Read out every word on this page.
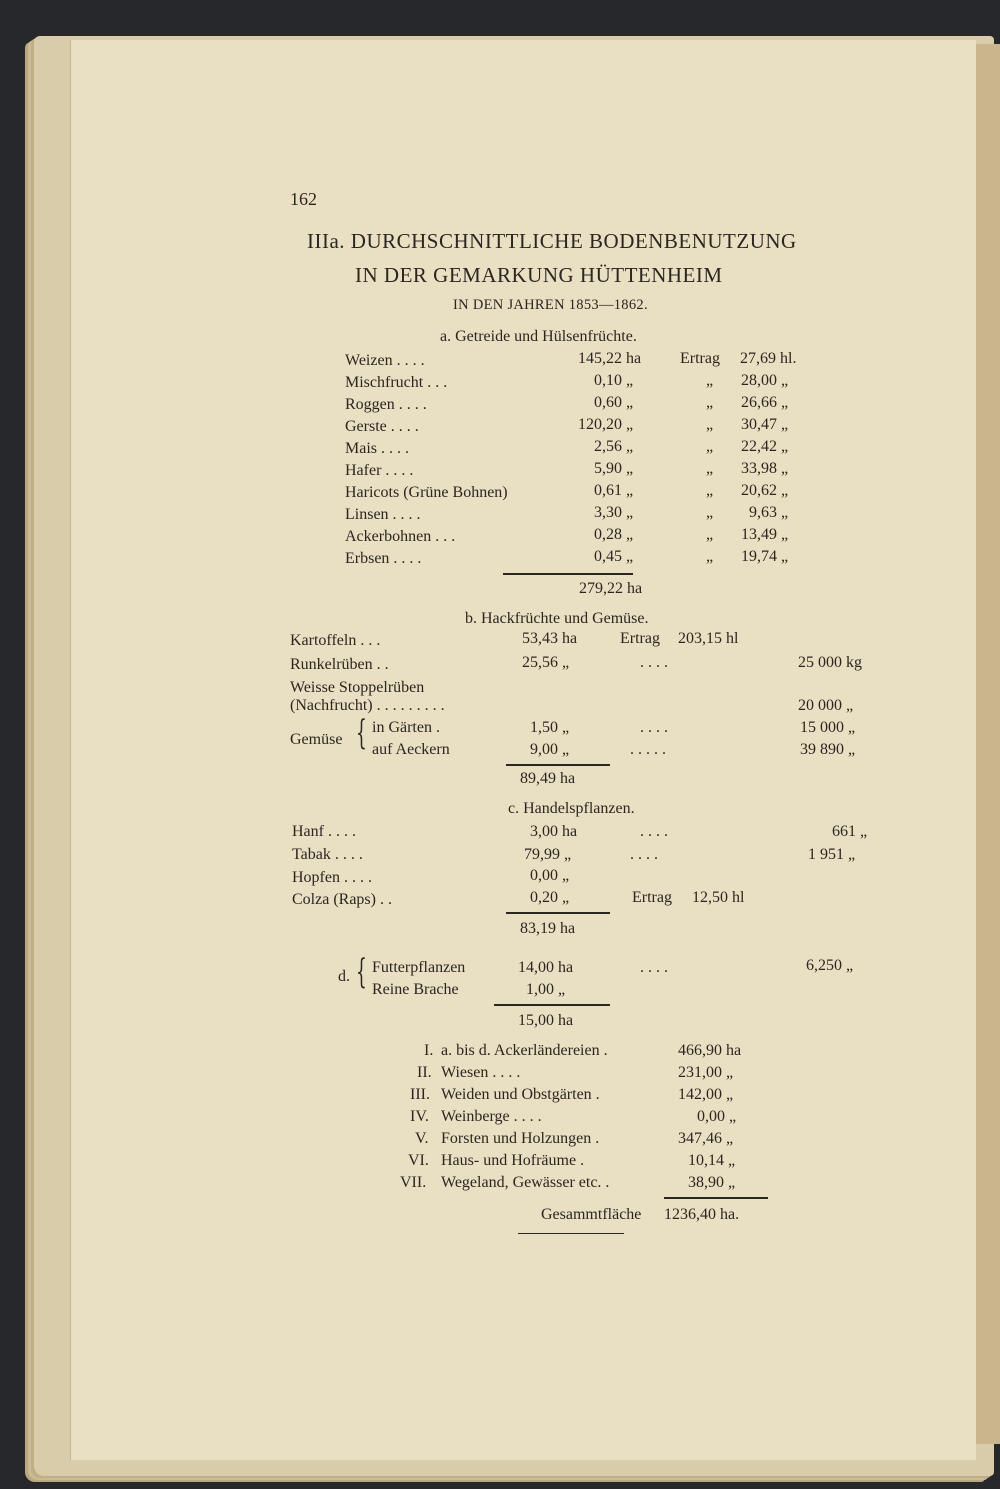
162
IIIa. DURCHSCHNITTLICHE BODENBENUTZUNG
IN DER GEMARKUNG HÜTTENHEIM
IN DEN JAHREN 1853—1862.
a. Getreide und Hülsenfrüchte.
Weizen . . . .	145,22 ha Ertrag 27,69 hl.
Mischfrucht . . .	0,10 „	„ 28,00 „
Roggen . . . .	0,60 „	„ 26,66 „
Gerste . . . .	120,20 „	„ 30,47 „
Mais . . . .	2,56 „	„ 22,42 „
Hafer . . . .	5,90 „	„ 33,98 „
Haricots (Grüne Bohnen)	0,61 „	„ 20,62 „
Linsen . . . .	3,30 „	„ 9,63 „
Ackerbohnen . . .	0,28 „	„ 13,49 „
Erbsen . . . .	0,45 „	„ 19,74 „
279,22 ha
b. Hackfrüchte und Gemüse.
Kartoffeln . . .	53,43 ha	Ertrag 203,15 hl
Runkelrüben . .	25,56 „	. . . .	25 000 kg
Weisse Stoppelrüben
(Nachfrucht) . . . . . . . . .	20 000 „
Gemüse { in Gärten .	1,50 „	. . . .	15 000 „
auf Aeckern	9,00 „	. . . . .	39 890 „
89,49 ha
c. Handelspflanzen.
Hanf . . . .	3,00 ha	. . . .	661 „
Tabak . . . .	79,99 „	. . . .	1 951 „
Hopfen . . . .	0,00 „
Colza (Raps) . .	0,20 „	Ertrag 12,50 hl
83,19 ha
d. { Futterpflanzen	14,00 ha	. . . .	6,250 „
Reine Brache	1,00 „
15,00 ha
I. a. bis d. Ackerländereien .	466,90 ha
II. Wiesen . . . .	231,00 „
III. Weiden und Obstgärten .	142,00 „
IV. Weinberge . . . .	0,00 „
V. Forsten und Holzungen .	347,46 „
VI. Haus- und Hofräume .	10,14 „
VII. Wegeland, Gewässer etc. .	38,90 „
Gesammtfläche 1236,40 ha.
